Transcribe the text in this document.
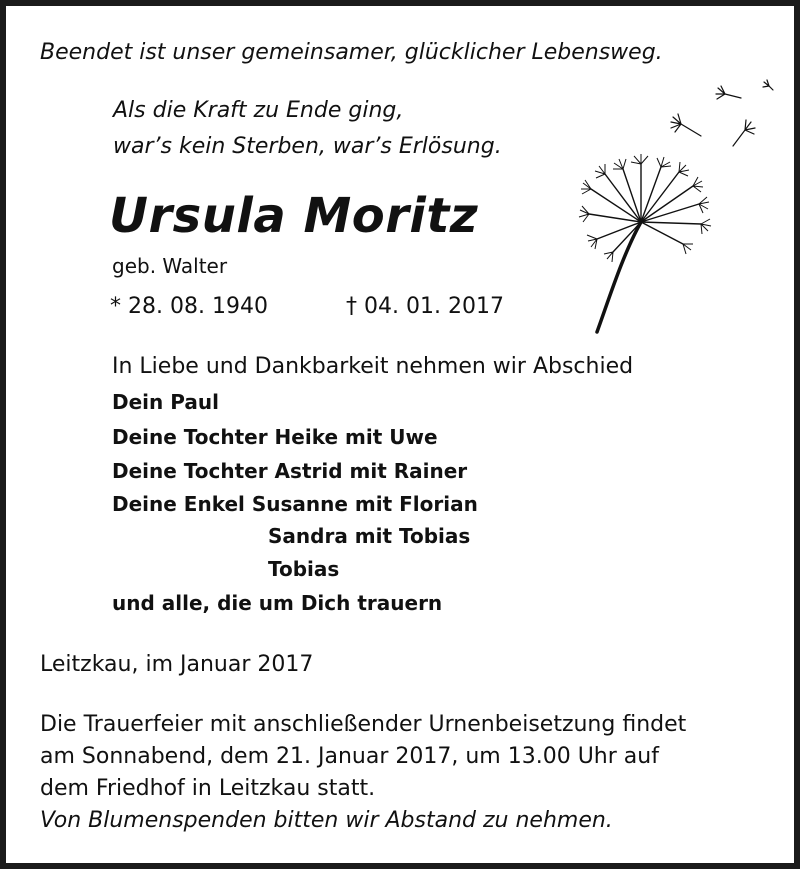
Beendet ist unser gemeinsamer, glücklicher Lebensweg.
Als die Kraft zu Ende ging,
war’s kein Sterben, war’s Erlösung.
Ursula Moritz
geb. Walter
* 28. 08. 1940	† 04. 01. 2017
In Liebe und Dankbarkeit nehmen wir Abschied
Dein Paul
Deine Tochter Heike mit Uwe
Deine Tochter Astrid mit Rainer
Deine Enkel Susanne mit Florian
Sandra mit Tobias
Tobias
und alle, die um Dich trauern
Leitzkau, im Januar 2017
Die Trauerfeier mit anschließender Urnenbeisetzung findet
am Sonnabend, dem 21. Januar 2017, um 13.00 Uhr auf
dem Friedhof in Leitzkau statt.
Von Blumenspenden bitten wir Abstand zu nehmen.
